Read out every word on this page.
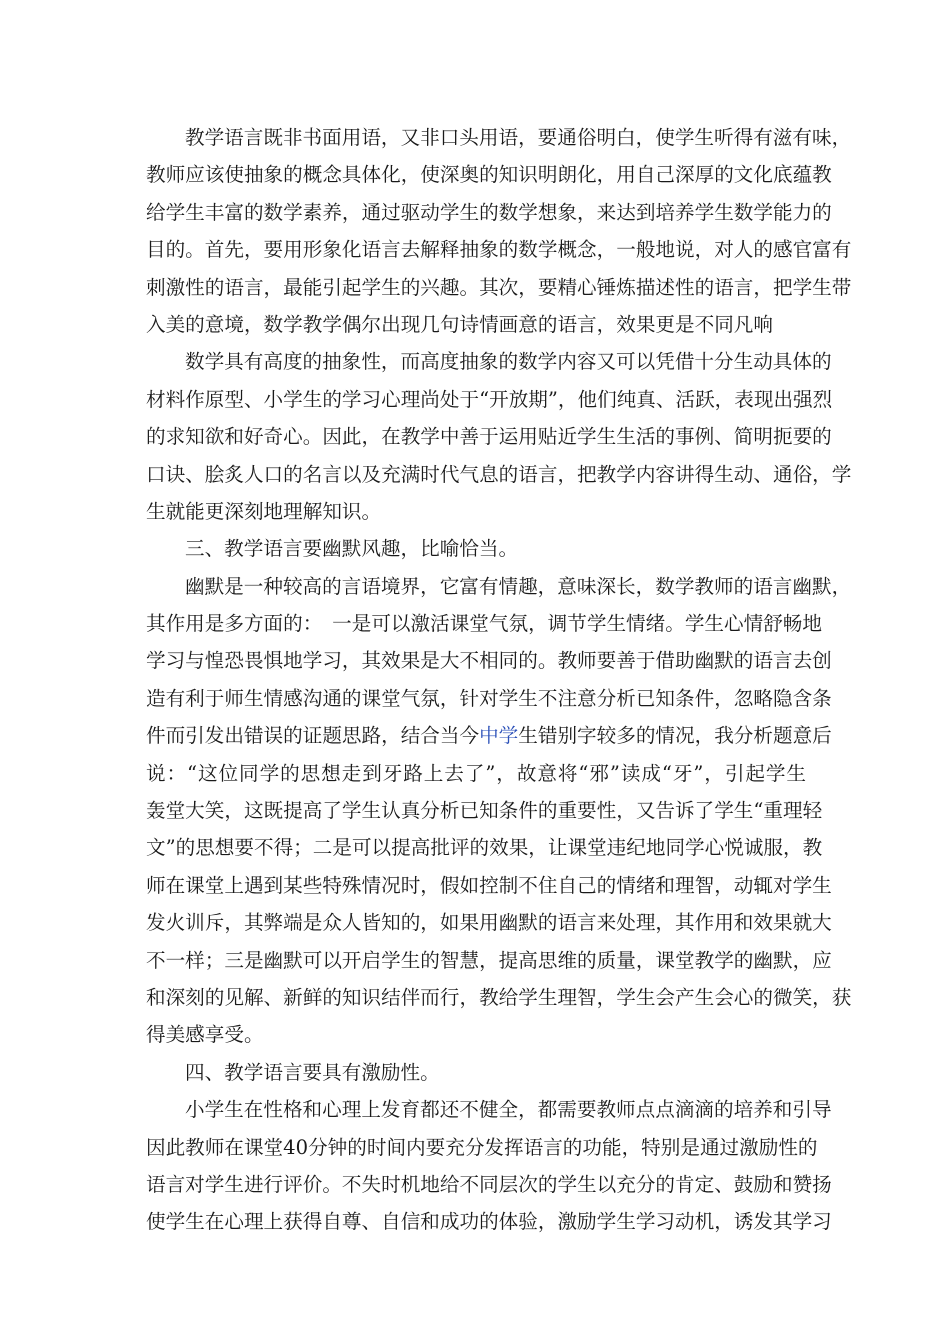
教学语言既非书面用语，又非口头用语，要通俗明白，使学生听得有滋有味，
教师应该使抽象的概念具体化，使深奥的知识明朗化，用自己深厚的文化底蕴教
给学生丰富的数学素养，通过驱动学生的数学想象，来达到培养学生数学能力的
目的。首先，要用形象化语言去解释抽象的数学概念，一般地说，对人的感官富有
刺激性的语言，最能引起学生的兴趣。其次，要精心锤炼描述性的语言，把学生带
入美的意境，数学教学偶尔出现几句诗情画意的语言，效果更是不同凡响
数学具有高度的抽象性，而高度抽象的数学内容又可以凭借十分生动具体的
材料作原型、小学生的学习心理尚处于“开放期”，他们纯真、活跃，表现出强烈
的求知欲和好奇心。因此，在教学中善于运用贴近学生生活的事例、简明扼要的
口诀、脍炙人口的名言以及充满时代气息的语言，把教学内容讲得生动、通俗，学
生就能更深刻地理解知识。
三、教学语言要幽默风趣，比喻恰当。
幽默是一种较高的言语境界，它富有情趣，意味深长，数学教师的语言幽默，
其作用是多方面的：　一是可以激活课堂气氛，调节学生情绪。学生心情舒畅地
学习与惶恐畏惧地学习，其效果是大不相同的。教师要善于借助幽默的语言去创
造有利于师生情感沟通的课堂气氛，针对学生不注意分析已知条件，忽略隐含条
件而引发出错误的证题思路，结合当今中学生错别字较多的情况，我分析题意后
说：“这位同学的思想走到牙路上去了”，故意将“邪”读成“牙”，引起学生
轰堂大笑，这既提高了学生认真分析已知条件的重要性，又告诉了学生“重理轻
文”的思想要不得；二是可以提高批评的效果，让课堂违纪地同学心悦诚服，教
师在课堂上遇到某些特殊情况时，假如控制不住自己的情绪和理智，动辄对学生
发火训斥，其弊端是众人皆知的，如果用幽默的语言来处理，其作用和效果就大
不一样；三是幽默可以开启学生的智慧，提高思维的质量，课堂教学的幽默，应
和深刻的见解、新鲜的知识结伴而行，教给学生理智，学生会产生会心的微笑，获
得美感享受。
四、教学语言要具有激励性。
小学生在性格和心理上发育都还不健全，都需要教师点点滴滴的培养和引导
因此教师在课堂40分钟的时间内要充分发挥语言的功能，特别是通过激励性的
语言对学生进行评价。不失时机地给不同层次的学生以充分的肯定、鼓励和赞扬
使学生在心理上获得自尊、自信和成功的体验，激励学生学习动机，诱发其学习
